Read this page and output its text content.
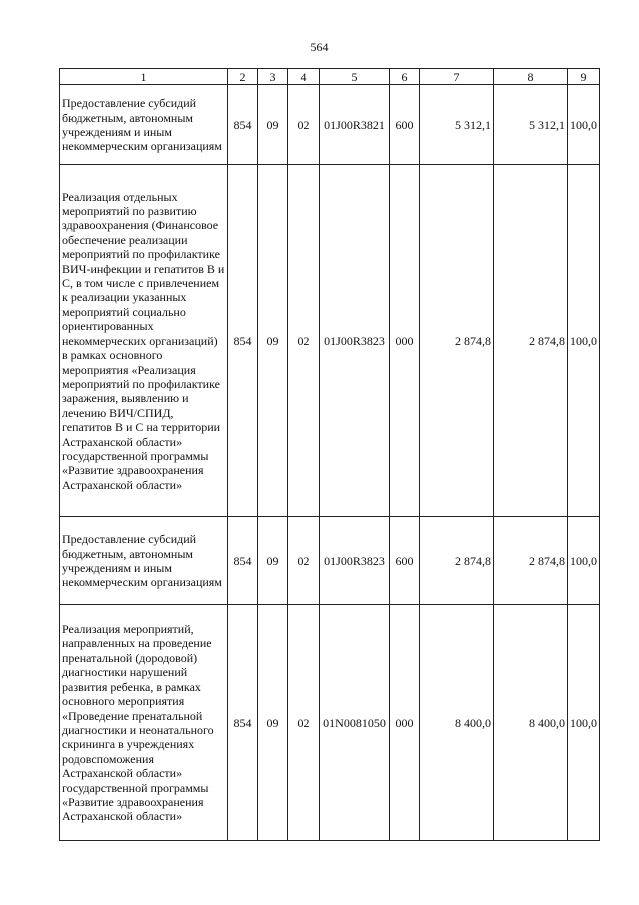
564
1	2	3	4	5	6	7	8	9
Предоставление субсидий бюджетным, автономным учреждениям и иным некоммерческим организациям	854	09	02	01J00R3821	600	5 312,1	5 312,1	100,0
Реализация отдельных мероприятий по развитию здравоохранения (Финансовое обеспечение реализации мероприятий по профилактике ВИЧ-инфекции и гепатитов В и С, в том числе с привлечением к реализации указанных мероприятий социально ориентированных некоммерческих организаций) в рамках основного мероприятия «Реализация мероприятий по профилактике заражения, выявлению и лечению ВИЧ/СПИД, гепатитов В и С на территории Астраханской области» государственной программы «Развитие здравоохранения Астраханской области»	854	09	02	01J00R3823	000	2 874,8	2 874,8	100,0
Предоставление субсидий бюджетным, автономным учреждениям и иным некоммерческим организациям	854	09	02	01J00R3823	600	2 874,8	2 874,8	100,0
Реализация мероприятий, направленных на проведение пренатальной (дородовой) диагностики нарушений развития ребенка, в рамках основного мероприятия «Проведение пренатальной диагностики и неонатального скрининга в учреждениях родовспоможения Астраханской области» государственной программы «Развитие здравоохранения Астраханской области»	854	09	02	01N0081050	000	8 400,0	8 400,0	100,0
